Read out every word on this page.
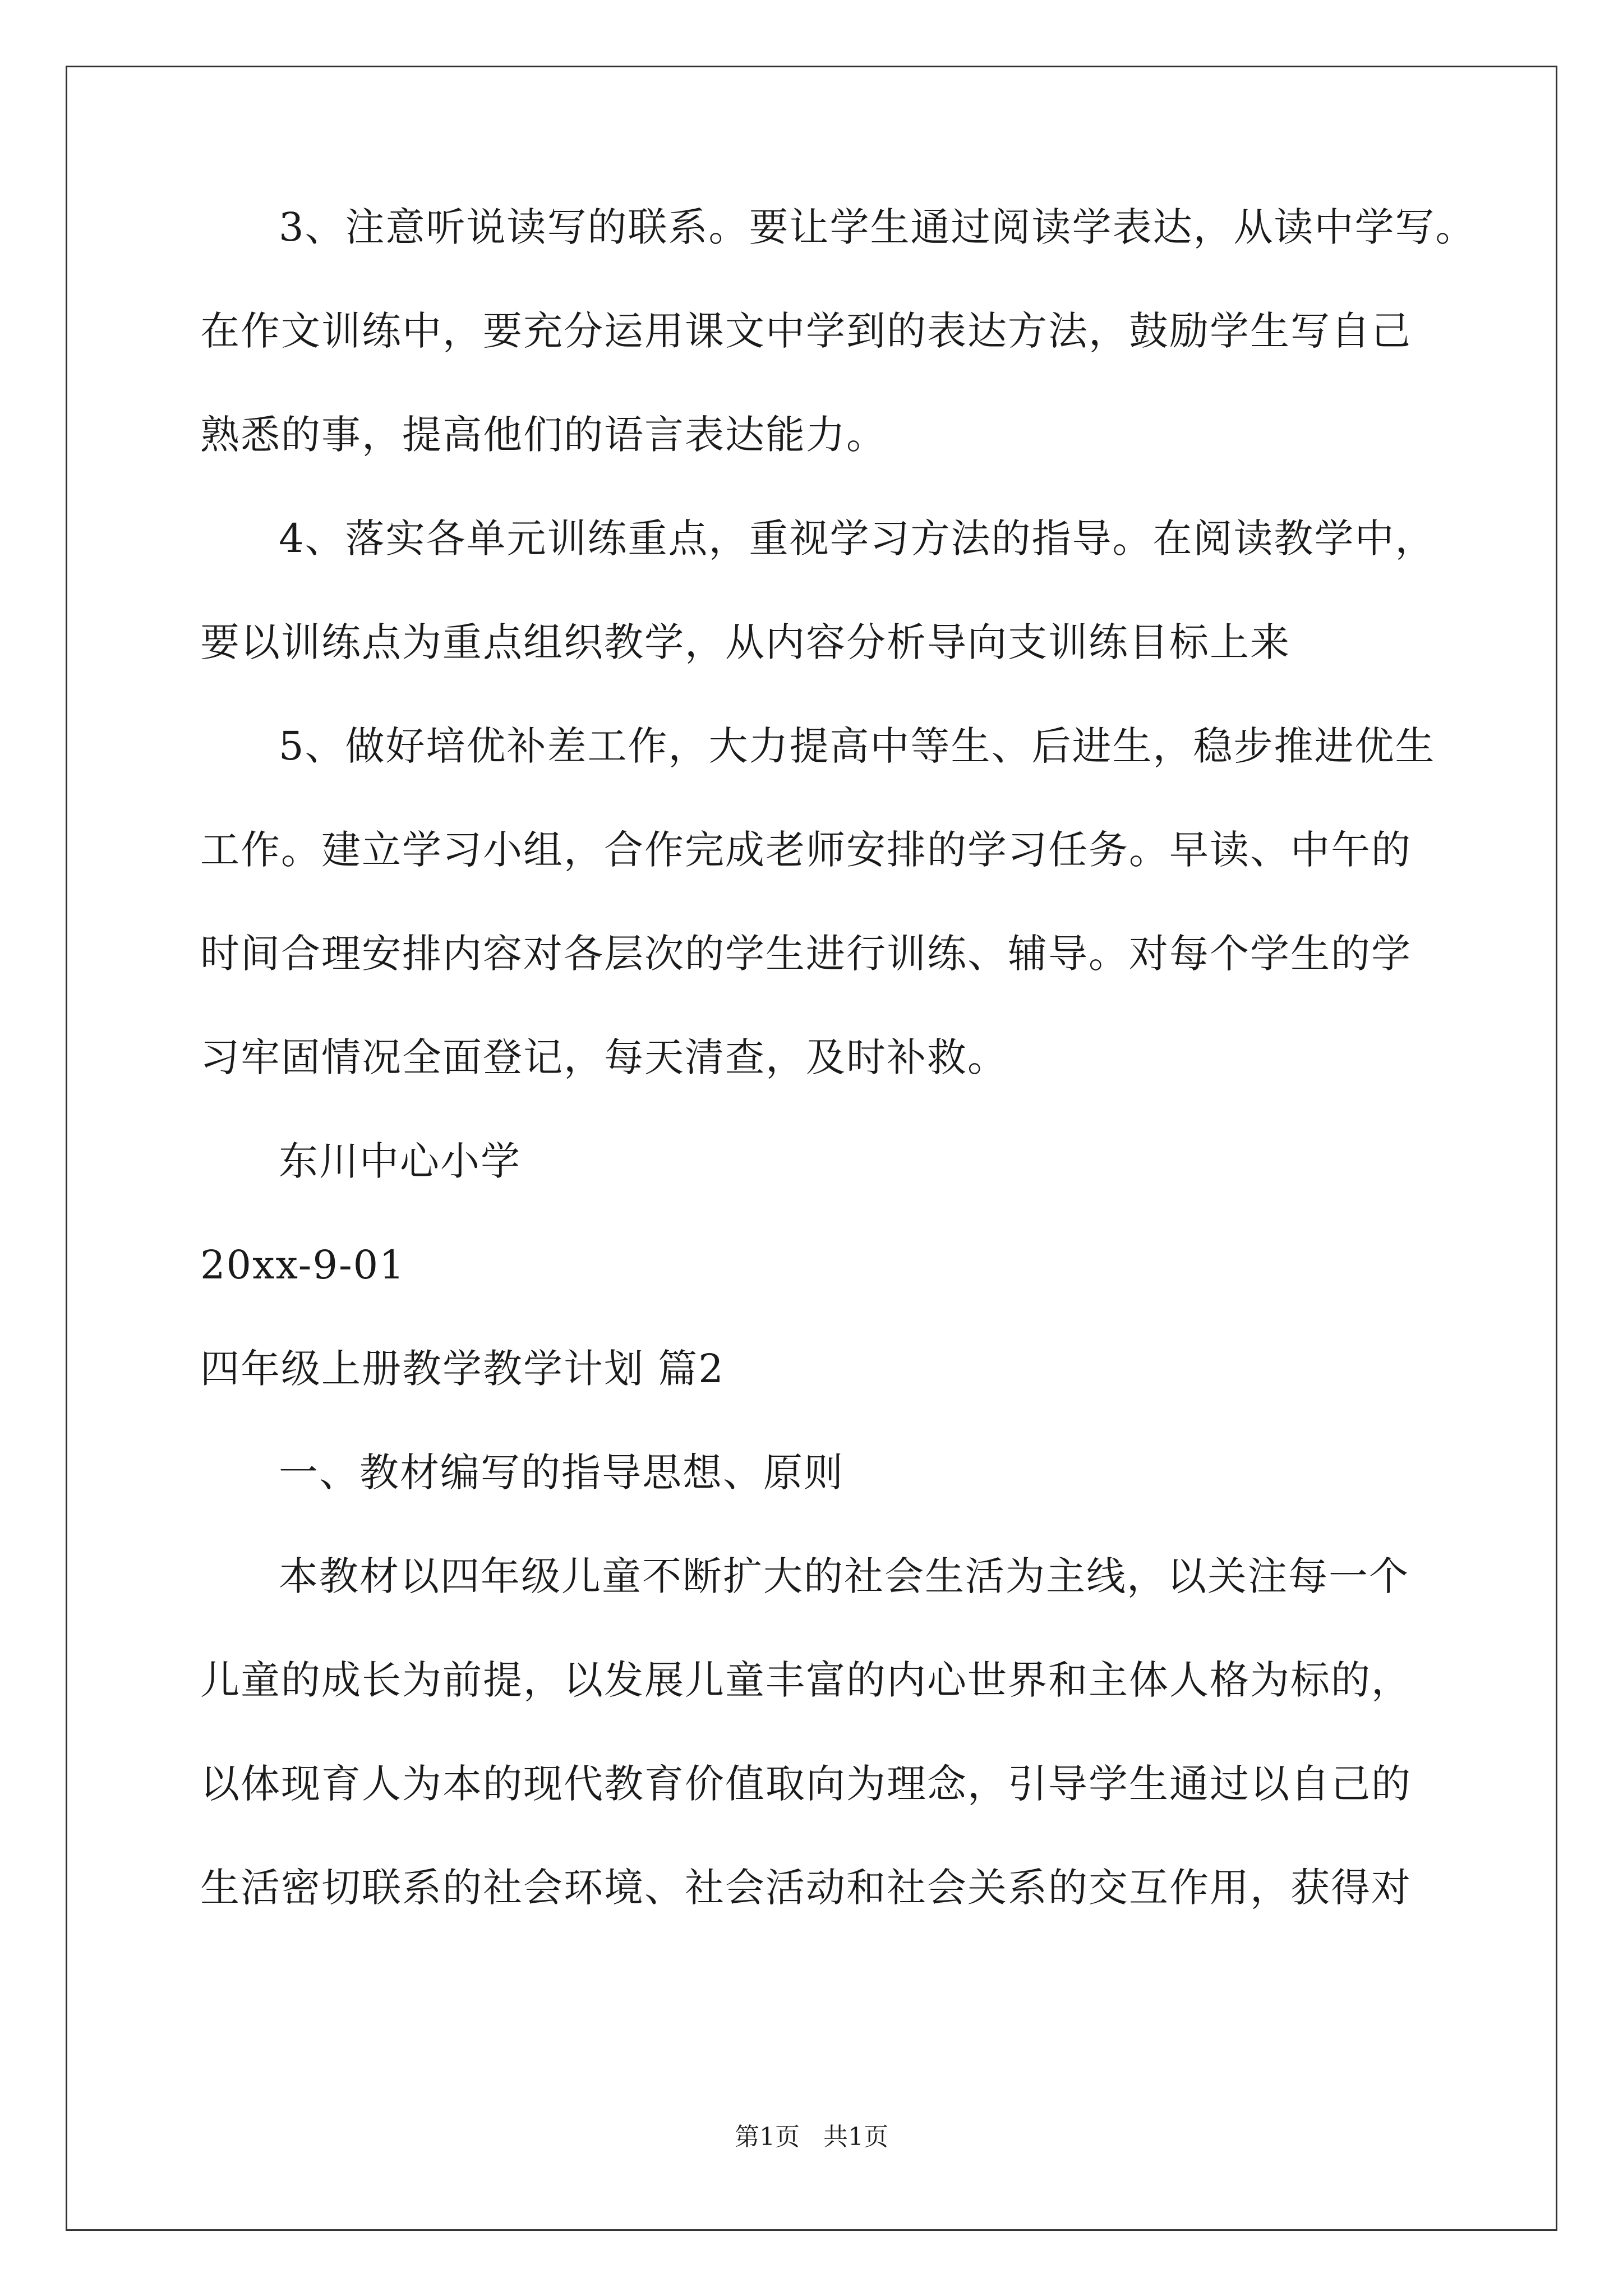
3、注意听说读写的联系。要让学生通过阅读学表达，从读中学写。
在作文训练中，要充分运用课文中学到的表达方法，鼓励学生写自己
熟悉的事，提高他们的语言表达能力。
4、落实各单元训练重点，重视学习方法的指导。在阅读教学中，
要以训练点为重点组织教学，从内容分析导向支训练目标上来
5、做好培优补差工作，大力提高中等生、后进生，稳步推进优生
工作。建立学习小组，合作完成老师安排的学习任务。早读、中午的
时间合理安排内容对各层次的学生进行训练、辅导。对每个学生的学
习牢固情况全面登记，每天清查，及时补救。
东川中心小学
20xx-9-01
四年级上册教学教学计划 篇2
一、教材编写的指导思想、原则
本教材以四年级儿童不断扩大的社会生活为主线，以关注每一个
儿童的成长为前提，以发展儿童丰富的内心世界和主体人格为标的，
以体现育人为本的现代教育价值取向为理念，引导学生通过以自己的
生活密切联系的社会环境、社会活动和社会关系的交互作用，获得对
第1页   共1页
